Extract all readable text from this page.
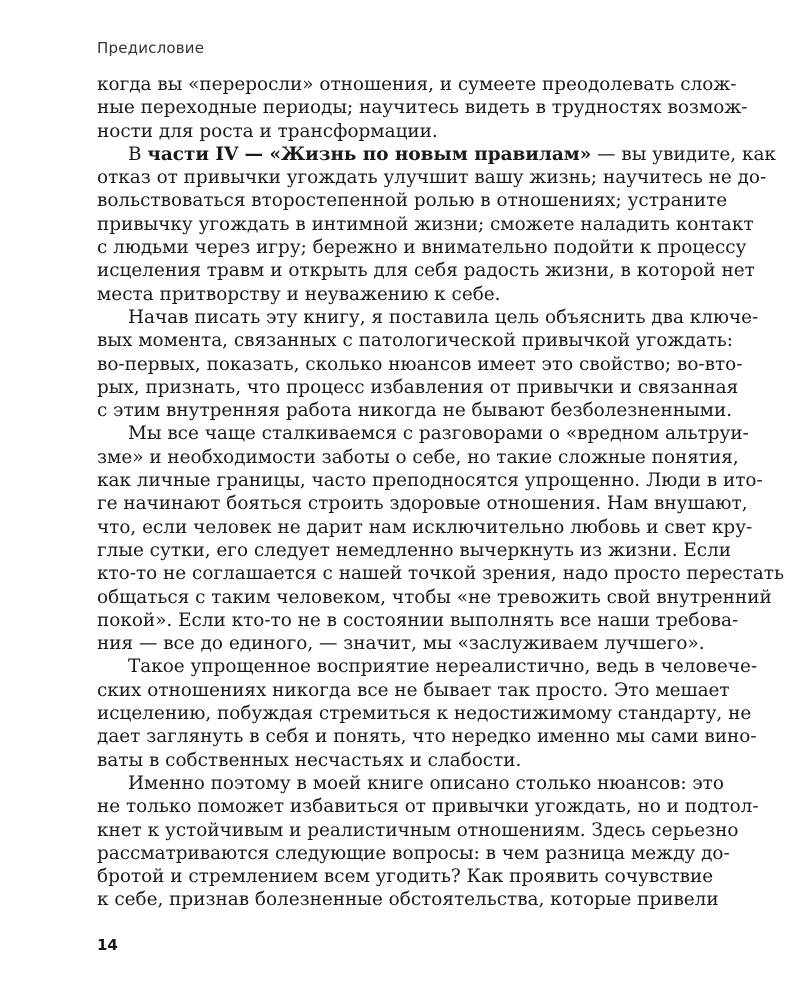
Предисловие
когда вы «переросли» отношения, и сумеете преодолевать слож-
ные переходные периоды; научитесь видеть в трудностях возмож-
ности для роста и трансформации.
В части IV — «Жизнь по новым правилам» — вы увидите, как
отказ от привычки угождать улучшит вашу жизнь; научитесь не до-
вольствоваться второстепенной ролью в отношениях; устраните
привычку угождать в интимной жизни; сможете наладить контакт
с людьми через игру; бережно и внимательно подойти к процессу
исцеления травм и открыть для себя радость жизни, в которой нет
места притворству и неуважению к себе.
Начав писать эту книгу, я поставила цель объяснить два ключе-
вых момента, связанных с патологической привычкой угождать:
во-первых, показать, сколько нюансов имеет это свойство; во-вто-
рых, признать, что процесс избавления от привычки и связанная
с этим внутренняя работа никогда не бывают безболезненными.
Мы все чаще сталкиваемся с разговорами о «вредном альтруи-
зме» и необходимости заботы о себе, но такие сложные понятия,
как личные границы, часто преподносятся упрощенно. Люди в ито-
ге начинают бояться строить здоровые отношения. Нам внушают,
что, если человек не дарит нам исключительно любовь и свет кру-
глые сутки, его следует немедленно вычеркнуть из жизни. Если
кто-то не соглашается с нашей точкой зрения, надо просто перестать
общаться с таким человеком, чтобы «не тревожить свой внутренний
покой». Если кто-то не в состоянии выполнять все наши требова-
ния — все до единого, — значит, мы «заслуживаем лучшего».
Такое упрощенное восприятие нереалистично, ведь в человече-
ских отношениях никогда все не бывает так просто. Это мешает
исцелению, побуждая стремиться к недостижимому стандарту, не
дает заглянуть в себя и понять, что нередко именно мы сами вино-
ваты в собственных несчастьях и слабости.
Именно поэтому в моей книге описано столько нюансов: это
не только поможет избавиться от привычки угождать, но и подтол-
кнет к устойчивым и реалистичным отношениям. Здесь серьезно
рассматриваются следующие вопросы: в чем разница между до-
бротой и стремлением всем угодить? Как проявить сочувствие
к себе, признав болезненные обстоятельства, которые привели
14
